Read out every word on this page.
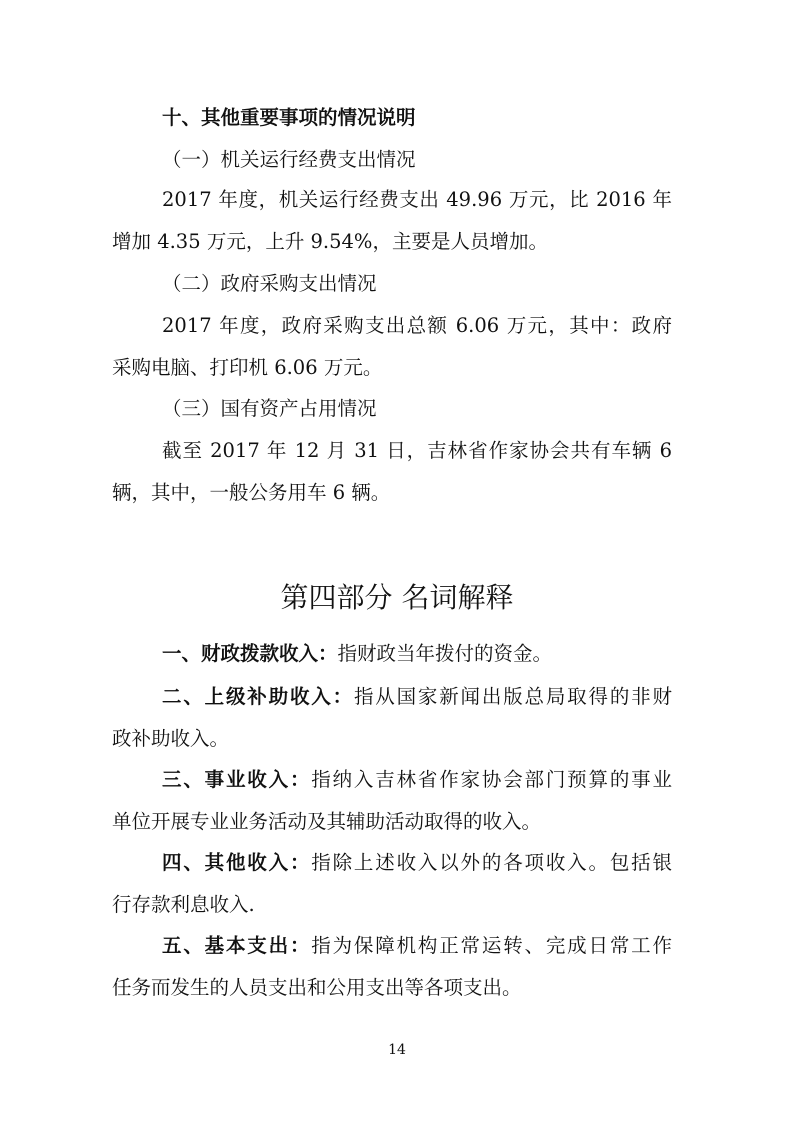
十、其他重要事项的情况说明
（一）机关运行经费支出情况
2017 年度，机关运行经费支出 49.96 万元，比 2016 年
增加 4.35 万元，上升 9.54%，主要是人员增加。
（二）政府采购支出情况
2017 年度，政府采购支出总额 6.06 万元，其中：政府
采购电脑、打印机 6.06 万元。
（三）国有资产占用情况
截至 2017 年 12 月 31 日，吉林省作家协会共有车辆 6
辆，其中，一般公务用车 6 辆。
第四部分 名词解释
一、财政拨款收入：指财政当年拨付的资金。
二、上级补助收入：指从国家新闻出版总局取得的非财
政补助收入。
三、事业收入：指纳入吉林省作家协会部门预算的事业
单位开展专业业务活动及其辅助活动取得的收入。
四、其他收入：指除上述收入以外的各项收入。包括银
行存款利息收入.
五、基本支出：指为保障机构正常运转、完成日常工作
任务而发生的人员支出和公用支出等各项支出。
14
